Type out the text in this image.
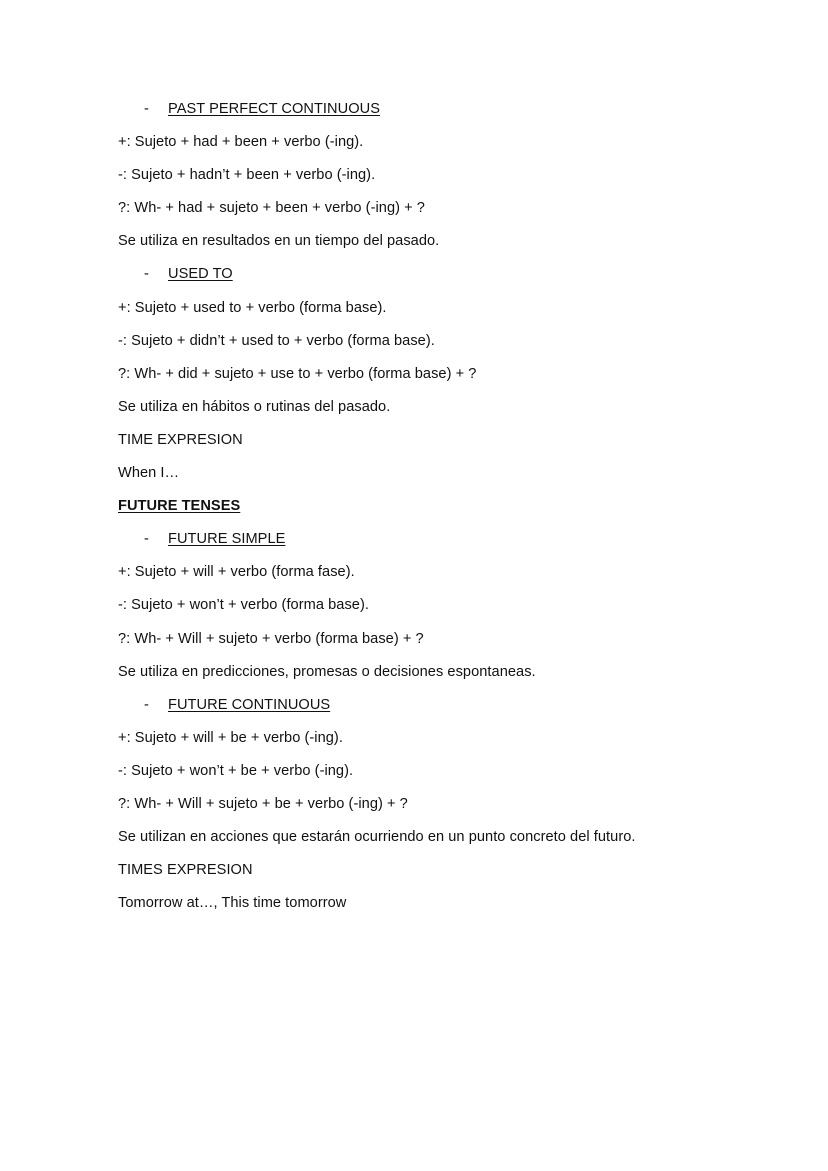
- PAST PERFECT CONTINUOUS
+: Sujeto + had + been + verbo (-ing).
-: Sujeto + hadn’t + been + verbo (-ing).
?: Wh- + had + sujeto + been + verbo (-ing) + ?
Se utiliza en resultados en un tiempo del pasado.
- USED TO
+: Sujeto + used to + verbo (forma base).
-: Sujeto + didn’t + used to + verbo (forma base).
?: Wh- + did + sujeto + use to + verbo (forma base) + ?
Se utiliza en hábitos o rutinas del pasado.
TIME EXPRESION
When I…
FUTURE TENSES
- FUTURE SIMPLE
+: Sujeto + will + verbo (forma fase).
-: Sujeto + won’t + verbo (forma base).
?: Wh- + Will + sujeto + verbo (forma base) + ?
Se utiliza en predicciones, promesas o decisiones espontaneas.
- FUTURE CONTINUOUS
+: Sujeto + will + be + verbo (-ing).
-: Sujeto + won’t + be + verbo (-ing).
?: Wh- + Will + sujeto + be + verbo (-ing) + ?
Se utilizan en acciones que estarán ocurriendo en un punto concreto del futuro.
TIMES EXPRESION
Tomorrow at…, This time tomorrow
